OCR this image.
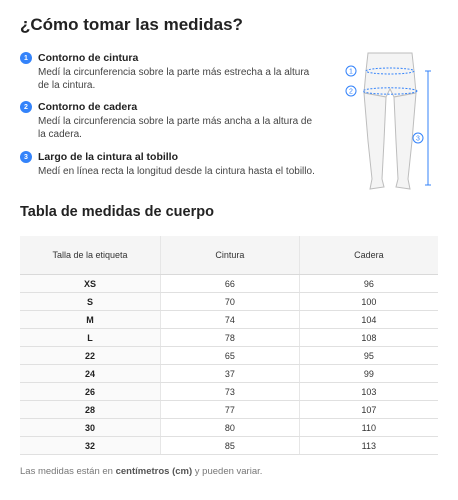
¿Cómo tomar las medidas?
1 Contorno de cintura

Medí la circunferencia sobre la parte más estrecha a la altura de la cintura.

2 Contorno de cadera

Medí la circunferencia sobre la parte más ancha a la altura de la cadera.

3 Largo de la cintura al tobillo

Medí en línea recta la longitud desde la cintura hasta el tobillo.

1
2
3
Tabla de medidas de cuerpo
Talla de la etiqueta	Cintura	Cadera
XS	66	96
S	70	100
M	74	104
L	78	108
22	65	95
24	37	99
26	73	103
28	77	107
30	80	110
32	85	113

Las medidas están en centímetros (cm) y pueden variar.
